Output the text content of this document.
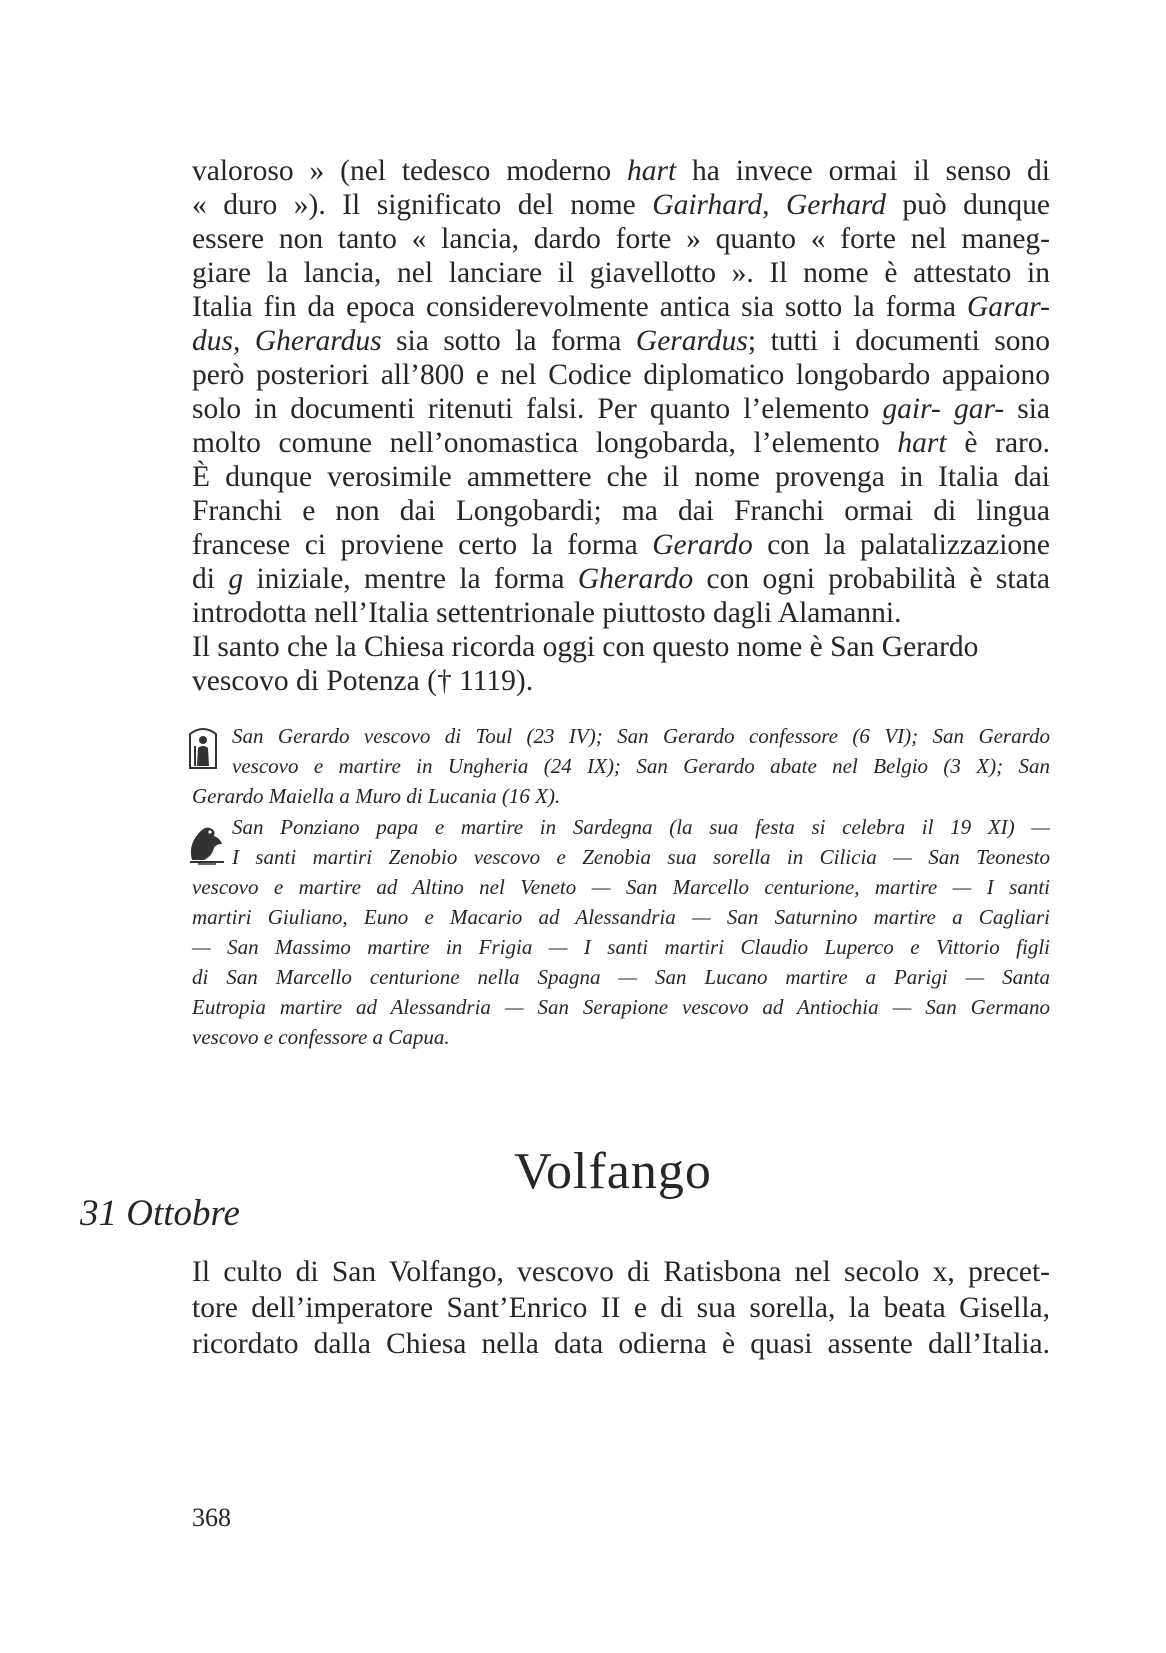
valoroso » (nel tedesco moderno hart ha invece ormai il senso di
« duro »). Il significato del nome Gairhard, Gerhard può dunque
essere non tanto « lancia, dardo forte » quanto « forte nel maneg-
giare la lancia, nel lanciare il giavellotto ». Il nome è attestato in
Italia fin da epoca considerevolmente antica sia sotto la forma Garar-
dus, Gherardus sia sotto la forma Gerardus; tutti i documenti sono
però posteriori all’800 e nel Codice diplomatico longobardo appaiono
solo in documenti ritenuti falsi. Per quanto l’elemento gair- gar- sia
molto comune nell’onomastica longobarda, l’elemento hart è raro.
È dunque verosimile ammettere che il nome provenga in Italia dai
Franchi e non dai Longobardi; ma dai Franchi ormai di lingua
francese ci proviene certo la forma Gerardo con la palatalizzazione
di g iniziale, mentre la forma Gherardo con ogni probabilità è stata
introdotta nell’Italia settentrionale piuttosto dagli Alamanni.
Il santo che la Chiesa ricorda oggi con questo nome è San Gerardo
vescovo di Potenza († 1119).
San Gerardo vescovo di Toul (23 IV); San Gerardo confessore (6 VI); San Gerardo
vescovo e martire in Ungheria (24 IX); San Gerardo abate nel Belgio (3 X); San
Gerardo Maiella a Muro di Lucania (16 X).
San Ponziano papa e martire in Sardegna (la sua festa si celebra il 19 XI) —
I santi martiri Zenobio vescovo e Zenobia sua sorella in Cilicia — San Teonesto
vescovo e martire ad Altino nel Veneto — San Marcello centurione, martire — I santi
martiri Giuliano, Euno e Macario ad Alessandria — San Saturnino martire a Cagliari
— San Massimo martire in Frigia — I santi martiri Claudio Luperco e Vittorio figli
di San Marcello centurione nella Spagna — San Lucano martire a Parigi — Santa
Eutropia martire ad Alessandria — San Serapione vescovo ad Antiochia — San Germano
vescovo e confessore a Capua.
Volfango
31 Ottobre
Il culto di San Volfango, vescovo di Ratisbona nel secolo x, precet-
tore dell’imperatore Sant’Enrico II e di sua sorella, la beata Gisella,
ricordato dalla Chiesa nella data odierna è quasi assente dall’Italia.
368
